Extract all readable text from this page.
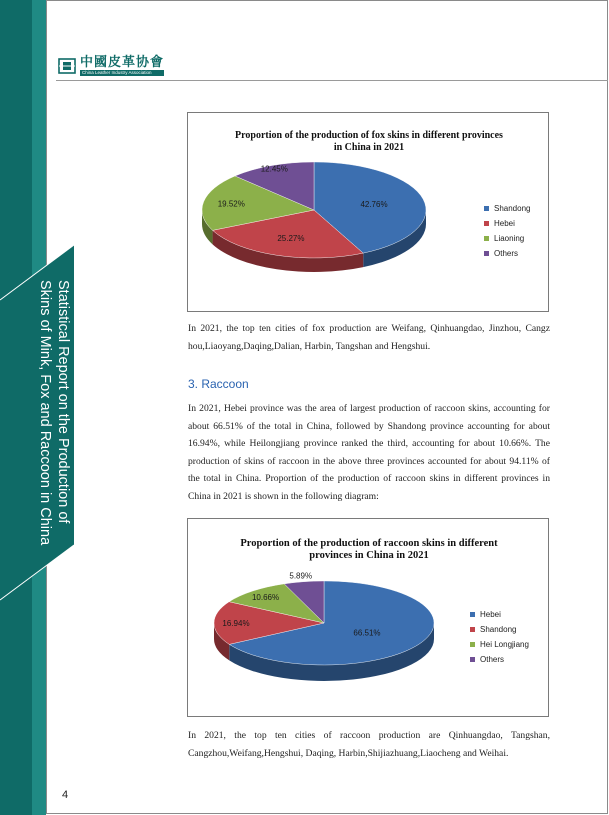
Statistical Report on the Production of Skins of Mink, Fox and Raccoon in China
中國皮革协會
China Leather Industry Association
Proportion of the production of fox skins in different provinces
in China in 2021
42.76%
25.27%
19.52%
12.45%
Shandong
Hebei
Liaoning
Others
In 2021, the top ten cities of fox production are Weifang, Qinhuangdao, Jinzhou, Cangz hou,Liaoyang,Daqing,Dalian, Harbin, Tangshan and Hengshui.
3. Raccoon
In 2021, Hebei province was the area of largest production of raccoon skins, accounting for about 66.51% of the total in China, followed by Shandong province accounting for about 16.94%, while Heilongjiang province ranked the third, accounting for about 10.66%. The production of skins of raccoon in the above three provinces accounted for about 94.11% of the total in China. Proportion of the production of raccoon skins in different provinces in China in 2021 is shown in the following diagram:
Proportion of the production of raccoon skins in different
provinces in China in 2021
66.51%
16.94%
10.66%
5.89%
Hebei
Shandong
Hei Longjiang
Others
In 2021, the top ten cities of raccoon production are Qinhuangdao, Tangshan, Cangzhou,Weifang,Hengshui, Daqing, Harbin,Shijiazhuang,Liaocheng and Weihai.
4
